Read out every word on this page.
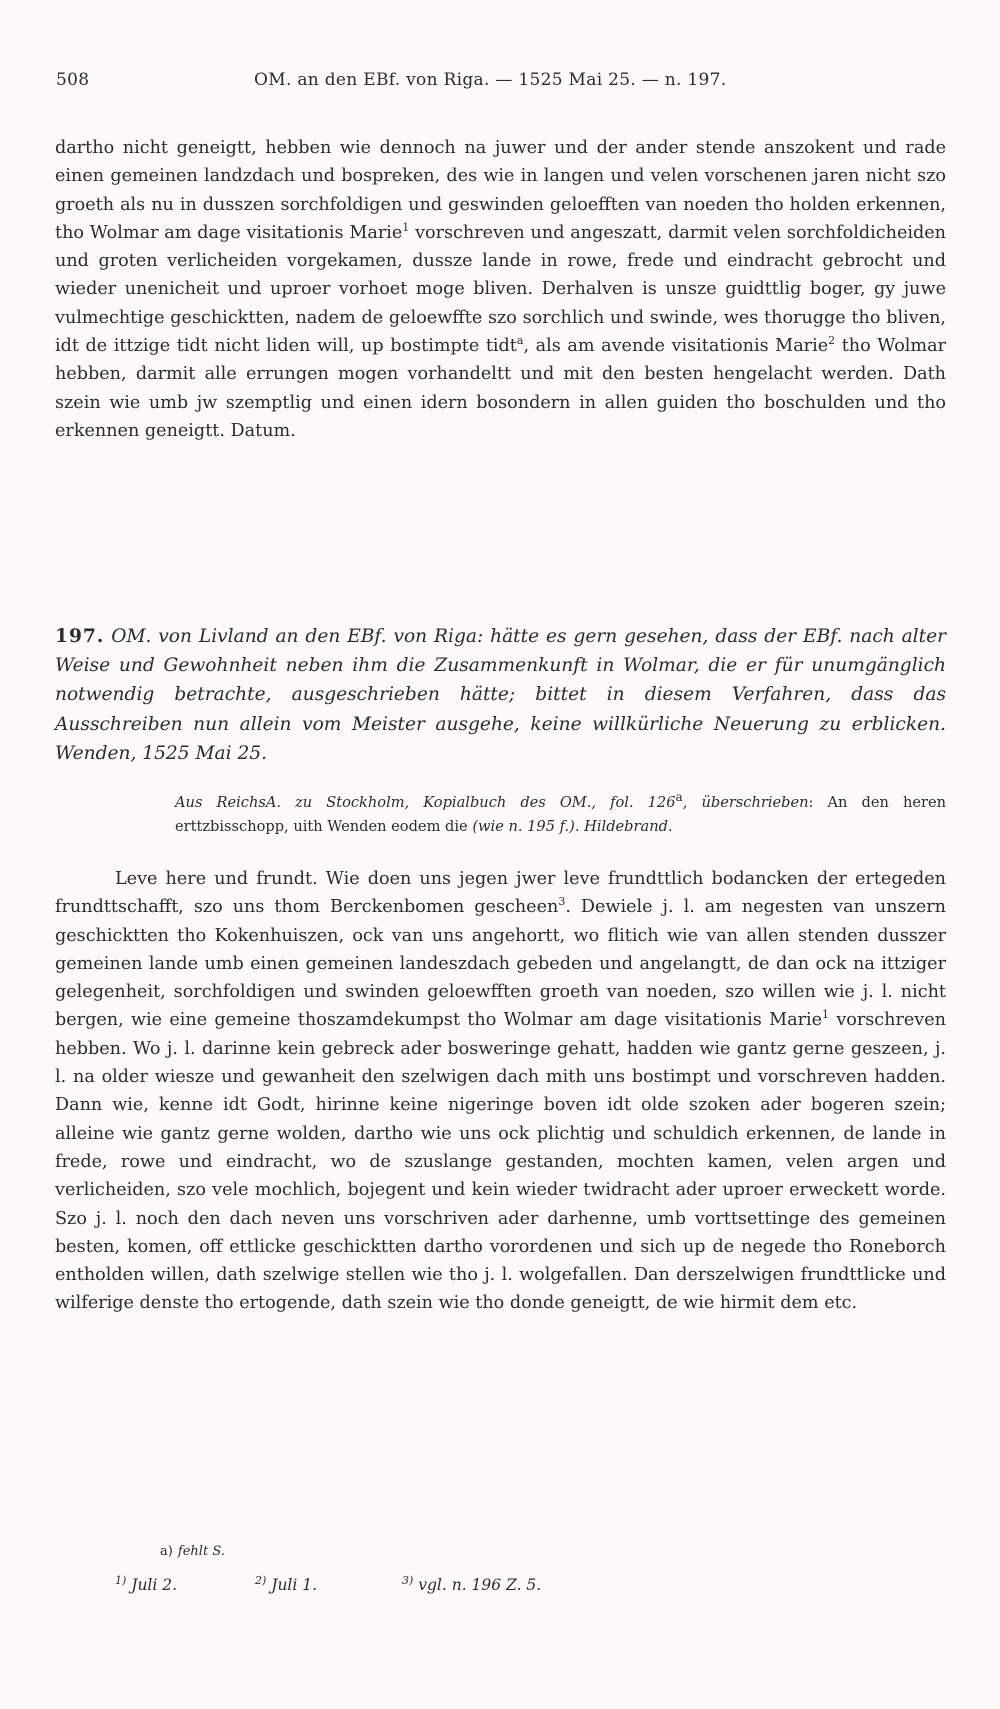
508	OM. an den EBf. von Riga. — 1525 Mai 25. — n. 197.

dartho nicht geneigtt, hebben wie dennoch na juwer und der ander stende anszokent und rade einen gemeinen landzdach und bospreken, des wie in langen und velen vorschenen jaren nicht szo groeth als nu in dusszen sorchfoldigen und geswinden geloefften van noeden tho holden erkennen, tho Wolmar am dage visitationis Marie$^1$ vorschreven und angeszatt, darmit velen sorchfoldicheiden und groten verlicheiden vorgekamen, dussze lande in rowe, frede und eindracht gebrocht und wieder unenicheit und uproer vorhoet moge bliven. Derhalven is unsze guidttlig boger, gy juwe vulmechtige geschicktten, nadem de geloewffte szo sorchlich und swinde, wes thorugge tho bliven, idt de ittzige tidt nicht liden will, up bostimpte tidt$^a$, als am avende visitationis Marie$^2$ tho Wolmar hebben, darmit alle errungen mogen vorhandeltt und mit den besten hengelacht werden. Dath szein wie umb jw szemptlig und einen idern bosondern in allen guiden tho boschulden und tho erkennen geneigtt. Datum.

197. OM. von Livland an den EBf. von Riga: hätte es gern gesehen, dass der EBf. nach alter Weise und Gewohnheit neben ihm die Zusammenkunft in Wolmar, die er für unumgänglich notwendig betrachte, ausgeschrieben hätte; bittet in diesem Verfahren, dass das Ausschreiben nun allein vom Meister ausgehe, keine willkürliche Neuerung zu erblicken. Wenden, 1525 Mai 25.

Aus ReichsA. zu Stockholm, Kopialbuch des OM., fol. 126$^a$, überschrieben: An den heren erttzbisschopp, uith Wenden eodem die (wie n. 195 f.). Hildebrand.

Leve here und frundt. Wie doen uns jegen jwer leve frundttlich bodancken der ertegeden frundttschafft, szo uns thom Berckenbomen gescheen$^3$. Dewiele j. l. am negesten van unszern geschicktten tho Kokenhuiszen, ock van uns angehortt, wo flitich wie van allen stenden dusszer gemeinen lande umb einen gemeinen landeszdach gebeden und angelangtt, de dan ock na ittziger gelegenheit, sorchfoldigen und swinden geloewfften groeth van noeden, szo willen wie j. l. nicht bergen, wie eine gemeine thoszamdekumpst tho Wolmar am dage visitationis Marie$^1$ vorschreven hebben. Wo j. l. darinne kein gebreck ader bosweringe gehatt, hadden wie gantz gerne geszeen, j. l. na older wiesze und gewanheit den szelwigen dach mith uns bostimpt und vorschreven hadden. Dann wie, kenne idt Godt, hirinne keine nigeringe boven idt olde szoken ader bogeren szein; alleine wie gantz gerne wolden, dartho wie uns ock plichtig und schuldich erkennen, de lande in frede, rowe und eindracht, wo de szuslange gestanden, mochten kamen, velen argen und verlicheiden, szo vele mochlich, bojegent und kein wieder twidracht ader uproer erweckett worde. Szo j. l. noch den dach neven uns vorschriven ader darhenne, umb vorttsettinge des gemeinen besten, komen, off ettlicke geschicktten dartho vorordenen und sich up de negede tho Roneborch entholden willen, dath szelwige stellen wie tho j. l. wolgefallen. Dan derszelwigen frundttlicke und wilferige denste tho ertogende, dath szein wie tho donde geneigtt, de wie hirmit dem etc.

a) fehlt S.
$^{1)}$ Juli 2.	$^{2)}$ Juli 1.	$^{3)}$ vgl. n. 196 Z. 5.
